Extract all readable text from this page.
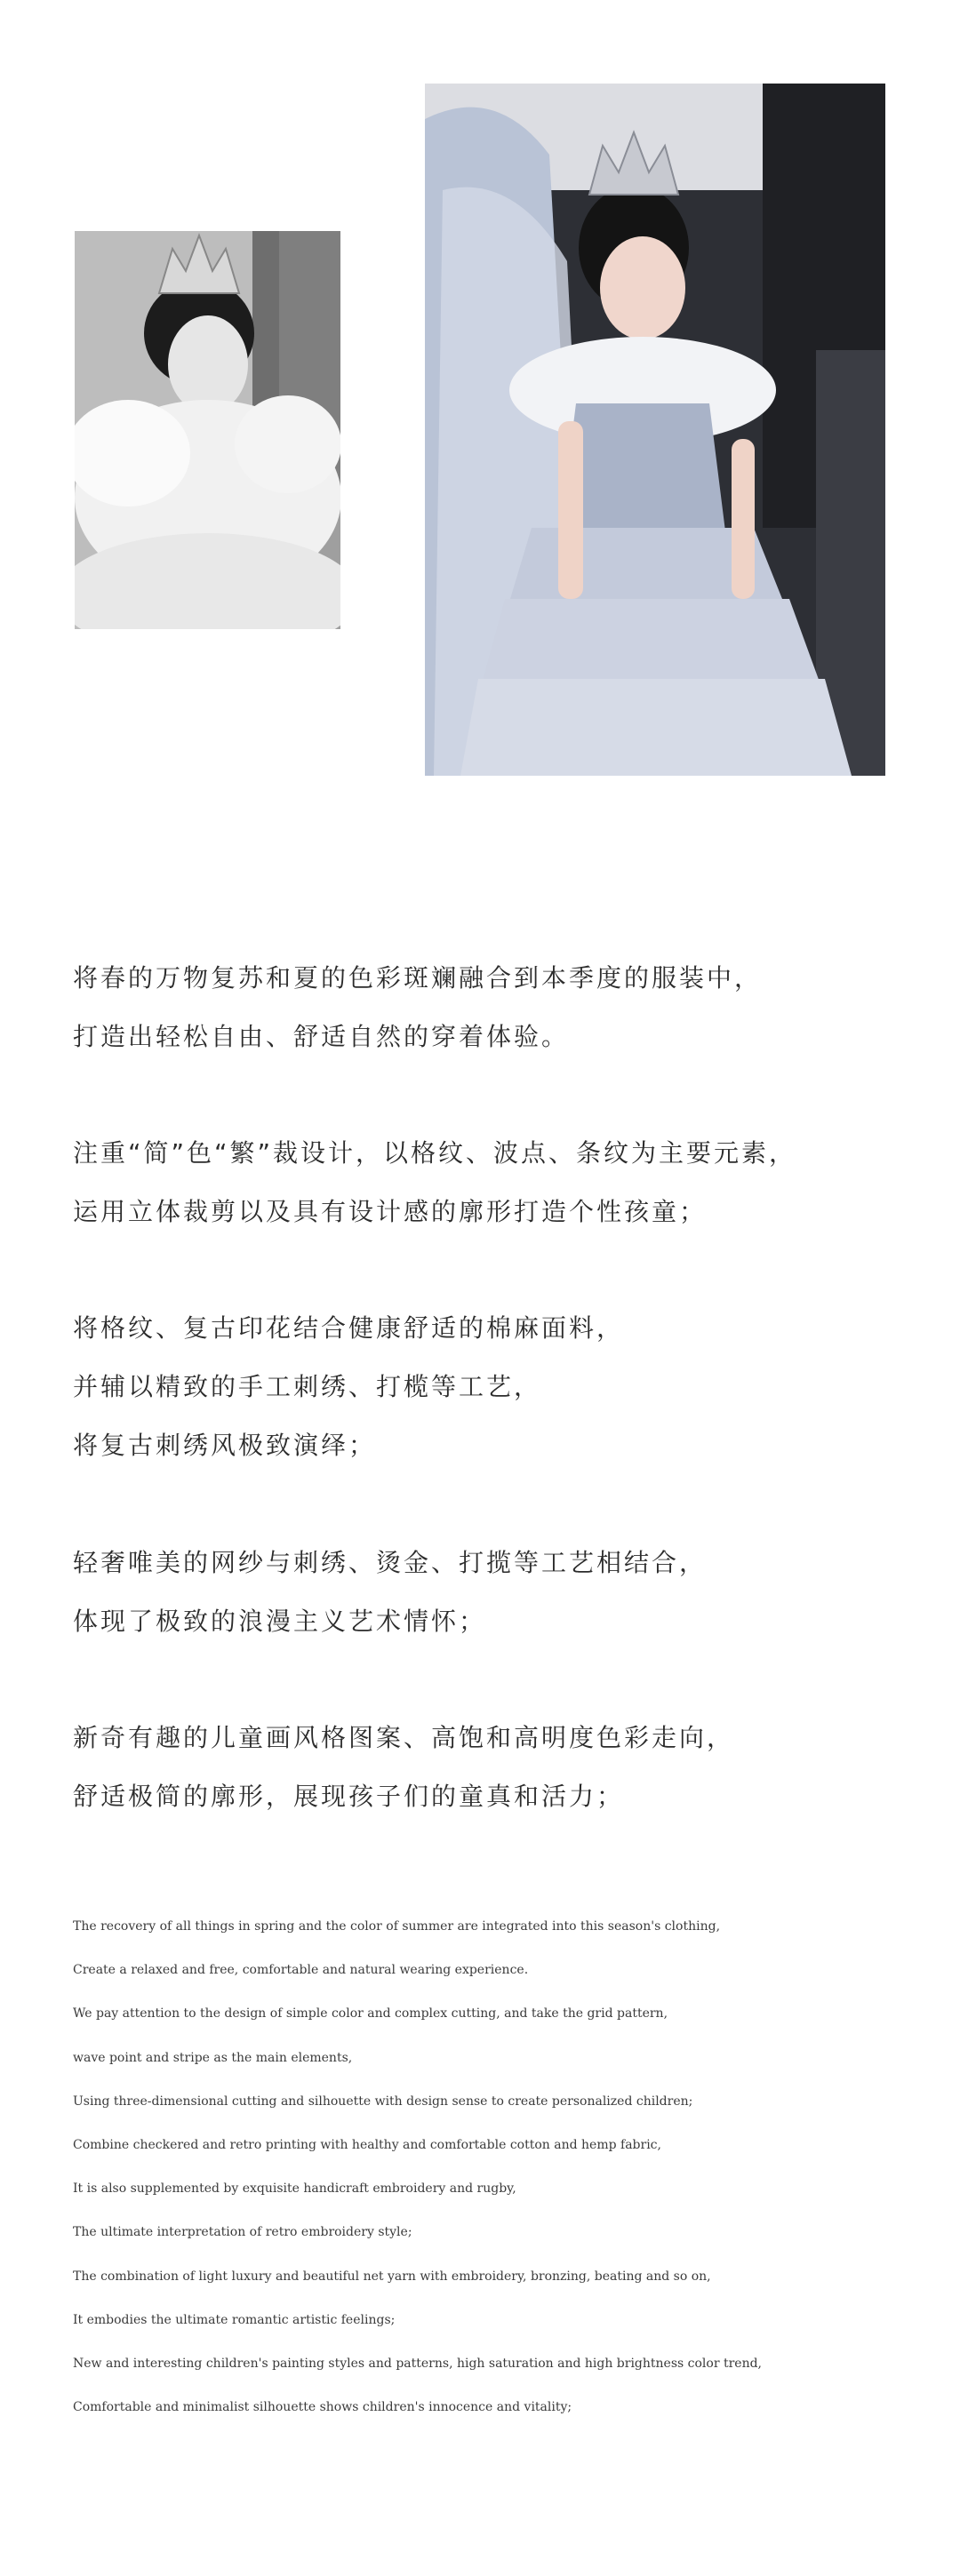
将春的万物复苏和夏的色彩斑斓融合到本季度的服装中，
打造出轻松自由、舒适自然的穿着体验。
注重“简”色“繁”裁设计，以格纹、波点、条纹为主要元素，
运用立体裁剪以及具有设计感的廓形打造个性孩童；
将格纹、复古印花结合健康舒适的棉麻面料，
并辅以精致的手工刺绣、打榄等工艺，
将复古刺绣风极致演绎；
轻奢唯美的网纱与刺绣、烫金、打揽等工艺相结合，
体现了极致的浪漫主义艺术情怀；
新奇有趣的儿童画风格图案、高饱和高明度色彩走向，
舒适极简的廓形，展现孩子们的童真和活力；
The recovery of all things in spring and the color of summer are integrated into this season's clothing,
Create a relaxed and free, comfortable and natural wearing experience.
We pay attention to the design of simple color and complex cutting, and take the grid pattern,
wave point and stripe as the main elements,
Using three-dimensional cutting and silhouette with design sense to create personalized children;
Combine checkered and retro printing with healthy and comfortable cotton and hemp fabric,
It is also supplemented by exquisite handicraft embroidery and rugby,
The ultimate interpretation of retro embroidery style;
The combination of light luxury and beautiful net yarn with embroidery, bronzing, beating and so on,
It embodies the ultimate romantic artistic feelings;
New and interesting children's painting styles and patterns, high saturation and high brightness color trend,
Comfortable and minimalist silhouette shows children's innocence and vitality;
